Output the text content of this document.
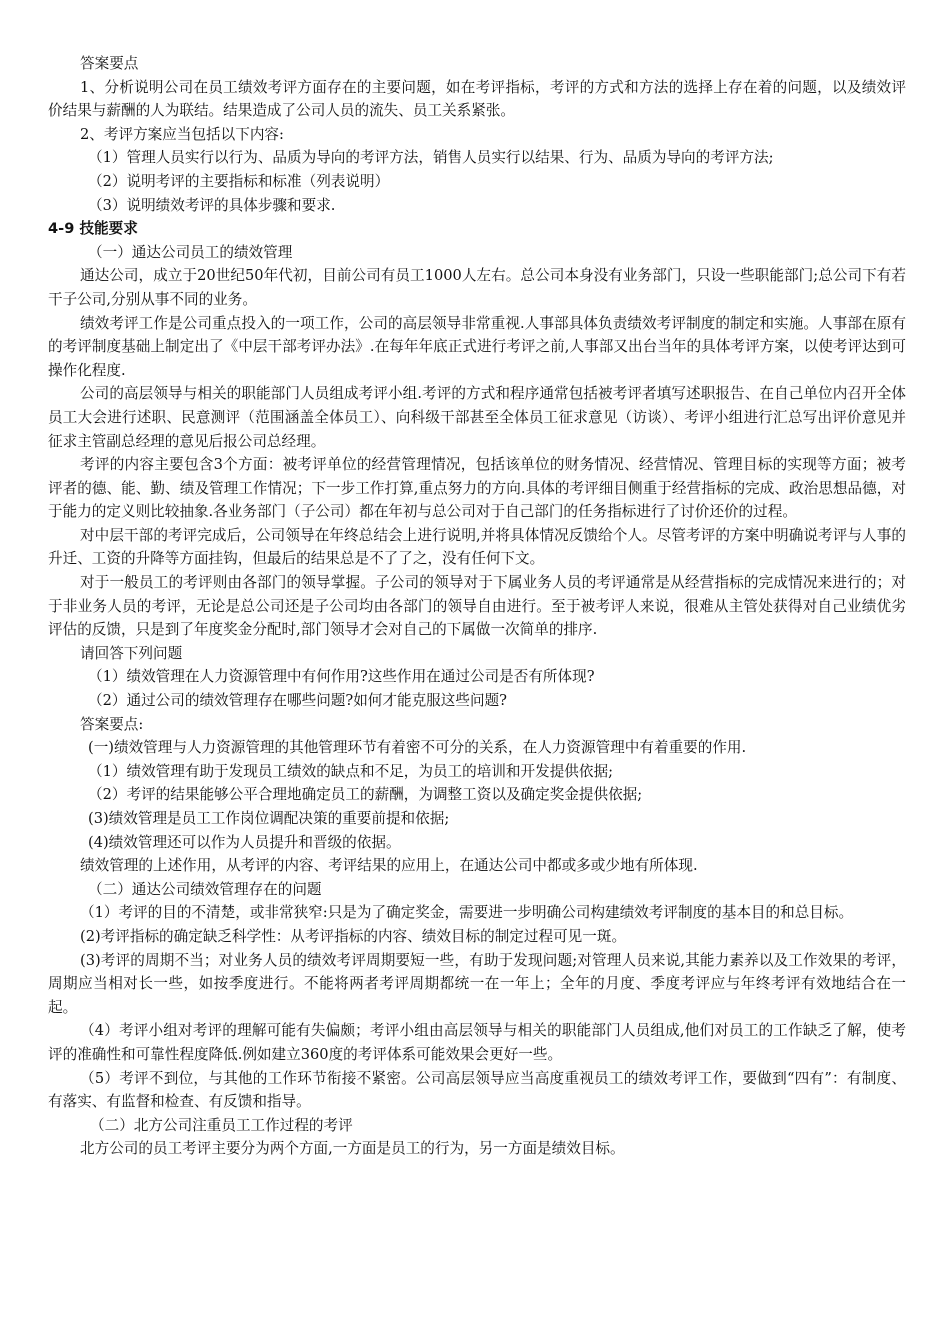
答案要点
1、分析说明公司在员工绩效考评方面存在的主要问题，如在考评指标，考评的方式和方法的选择上存在着的问题，以及绩效评价结果与薪酬的人为联结。结果造成了公司人员的流失、员工关系紧张。
2、考评方案应当包括以下内容:
（1）管理人员实行以行为、品质为导向的考评方法，销售人员实行以结果、行为、品质为导向的考评方法;
（2）说明考评的主要指标和标准（列表说明）
（3）说明绩效考评的具体步骤和要求.
4-9 技能要求
（一）通达公司员工的绩效管理
通达公司，成立于20世纪50年代初，目前公司有员工1000人左右。总公司本身没有业务部门，只设一些职能部门;总公司下有若干子公司,分别从事不同的业务。
绩效考评工作是公司重点投入的一项工作，公司的高层领导非常重视.人事部具体负责绩效考评制度的制定和实施。人事部在原有的考评制度基础上制定出了《中层干部考评办法》.在每年年底正式进行考评之前,人事部又出台当年的具体考评方案，以使考评达到可操作化程度.
公司的高层领导与相关的职能部门人员组成考评小组.考评的方式和程序通常包括被考评者填写述职报告、在自己单位内召开全体员工大会进行述职、民意测评（范围涵盖全体员工）、向科级干部甚至全体员工征求意见（访谈）、考评小组进行汇总写出评价意见并征求主管副总经理的意见后报公司总经理。
考评的内容主要包含3个方面：被考评单位的经营管理情况，包括该单位的财务情况、经营情况、管理目标的实现等方面；被考评者的德、能、勤、绩及管理工作情况；下一步工作打算,重点努力的方向.具体的考评细目侧重于经营指标的完成、政治思想品德，对于能力的定义则比较抽象.各业务部门（子公司）都在年初与总公司对于自己部门的任务指标进行了讨价还价的过程。
对中层干部的考评完成后，公司领导在年终总结会上进行说明,并将具体情况反馈给个人。尽管考评的方案中明确说考评与人事的升迁、工资的升降等方面挂钩，但最后的结果总是不了了之，没有任何下文。
对于一般员工的考评则由各部门的领导掌握。子公司的领导对于下属业务人员的考评通常是从经营指标的完成情况来进行的；对于非业务人员的考评，无论是总公司还是子公司均由各部门的领导自由进行。至于被考评人来说，很难从主管处获得对自己业绩优劣评估的反馈，只是到了年度奖金分配时,部门领导才会对自己的下属做一次简单的排序.
请回答下列问题
（1）绩效管理在人力资源管理中有何作用?这些作用在通过公司是否有所体现?
（2）通过公司的绩效管理存在哪些问题?如何才能克服这些问题?
答案要点:
(一)绩效管理与人力资源管理的其他管理环节有着密不可分的关系，在人力资源管理中有着重要的作用.
（1）绩效管理有助于发现员工绩效的缺点和不足，为员工的培训和开发提供依据;
（2）考评的结果能够公平合理地确定员工的薪酬，为调整工资以及确定奖金提供依据;
(3)绩效管理是员工工作岗位调配决策的重要前提和依据;
(4)绩效管理还可以作为人员提升和晋级的依据。
绩效管理的上述作用，从考评的内容、考评结果的应用上，在通达公司中都或多或少地有所体现.
（二）通达公司绩效管理存在的问题
（1）考评的目的不清楚，或非常狭窄:只是为了确定奖金，需要进一步明确公司构建绩效考评制度的基本目的和总目标。
(2)考评指标的确定缺乏科学性：从考评指标的内容、绩效目标的制定过程可见一斑。
(3)考评的周期不当；对业务人员的绩效考评周期要短一些，有助于发现问题;对管理人员来说,其能力素养以及工作效果的考评，周期应当相对长一些，如按季度进行。不能将两者考评周期都统一在一年上；全年的月度、季度考评应与年终考评有效地结合在一起。
（4）考评小组对考评的理解可能有失偏颇；考评小组由高层领导与相关的职能部门人员组成,他们对员工的工作缺乏了解，使考评的准确性和可靠性程度降低.例如建立360度的考评体系可能效果会更好一些。
（5）考评不到位，与其他的工作环节衔接不紧密。公司高层领导应当高度重视员工的绩效考评工作，要做到“四有”：有制度、有落实、有监督和检查、有反馈和指导。
（二）北方公司注重员工工作过程的考评
北方公司的员工考评主要分为两个方面,一方面是员工的行为，另一方面是绩效目标。
